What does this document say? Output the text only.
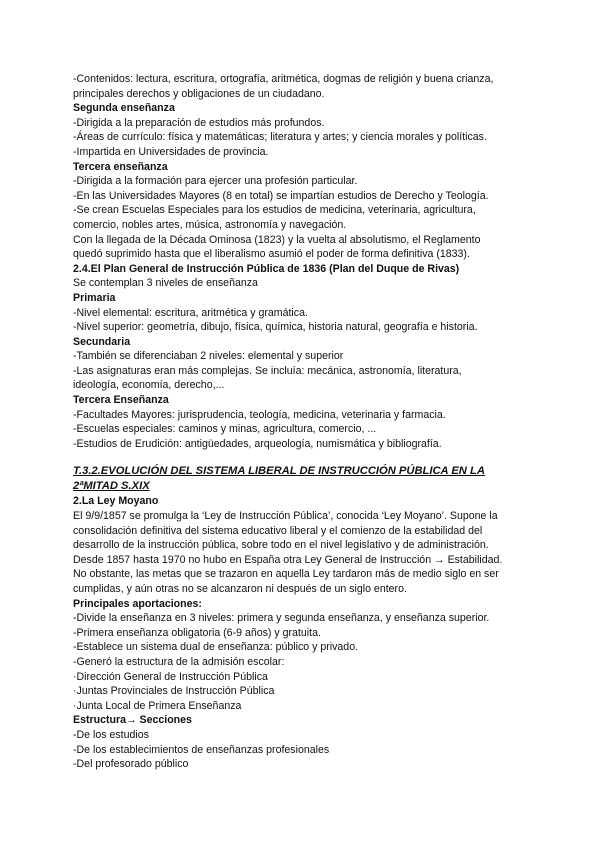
-Contenidos: lectura, escritura, ortografía, aritmética, dogmas de religión y buena crianza,
principales derechos y obligaciones de un ciudadano.
Segunda enseñanza
-Dirigida a la preparación de estudios más profundos.
-Áreas de currículo: física y matemáticas; literatura y artes; y ciencia morales y políticas.
-Impartida en Universidades de provincia.
Tercera enseñanza
-Dirigida a la formación para ejercer una profesión particular.
-En las Universidades Mayores (8 en total) se impartían estudios de Derecho y Teología.
-Se crean Escuelas Especiales para los estudios de medicina, veterinaria, agricultura,
comercio, nobles artes, música, astronomía y navegación.
Con la llegada de la Década Ominosa (1823) y la vuelta al absolutismo, el Reglamento
quedó suprimido hasta que el liberalismo asumió el poder de forma definitiva (1833).
2.4.El Plan General de Instrucción Pública de 1836 (Plan del Duque de Rivas)
Se contemplan 3 niveles de enseñanza
Primaria
-Nivel elemental: escritura, aritmética y gramática.
-Nivel superior: geometría, dibujo, física, química, historia natural, geografía e historia.
Secundaria
-También se diferenciaban 2 niveles: elemental y superior
-Las asignaturas eran más complejas. Se incluía: mecánica, astronomía, literatura,
ideología, economía, derecho,...
Tercera Enseñanza
-Facultades Mayores: jurisprudencia, teología, medicina, veterinaria y farmacia.
-Escuelas especiales: caminos y minas, agricultura, comercio, ...
-Estudios de Erudición: antigüedades, arqueología, numismática y bibliografía.
T.3.2.EVOLUCIÓN DEL SISTEMA LIBERAL DE INSTRUCCIÓN PÚBLICA EN LA
2ªMITAD S.XIX
2.La Ley Moyano
El 9/9/1857 se promulga la ‘Ley de Instrucción Pública’, conocida ‘Ley Moyano’. Supone la
consolidación definitiva del sistema educativo liberal y el comienzo de la estabilidad del
desarrollo de la instrucción pública, sobre todo en el nivel legislativo y de administración.
Desde 1857 hasta 1970 no hubo en España otra Ley General de Instrucción → Estabilidad.
No obstante, las metas que se trazaron en aquella Ley tardaron más de medio siglo en ser
cumplidas, y aún otras no se alcanzaron ni después de un siglo entero.
Principales aportaciones:
-Divide la enseñanza en 3 niveles: primera y segunda enseñanza, y enseñanza superior.
-Primera enseñanza obligatoria (6-9 años) y gratuita.
-Establece un sistema dual de enseñanza: público y privado.
-Generó la estructura de la admisión escolar:
·Dirección General de Instrucción Pública
·Juntas Provinciales de Instrucción Pública
·Junta Local de Primera Enseñanza
Estructura→ Secciones
-De los estudios
-De los establecimientos de enseñanzas profesionales
-Del profesorado público
